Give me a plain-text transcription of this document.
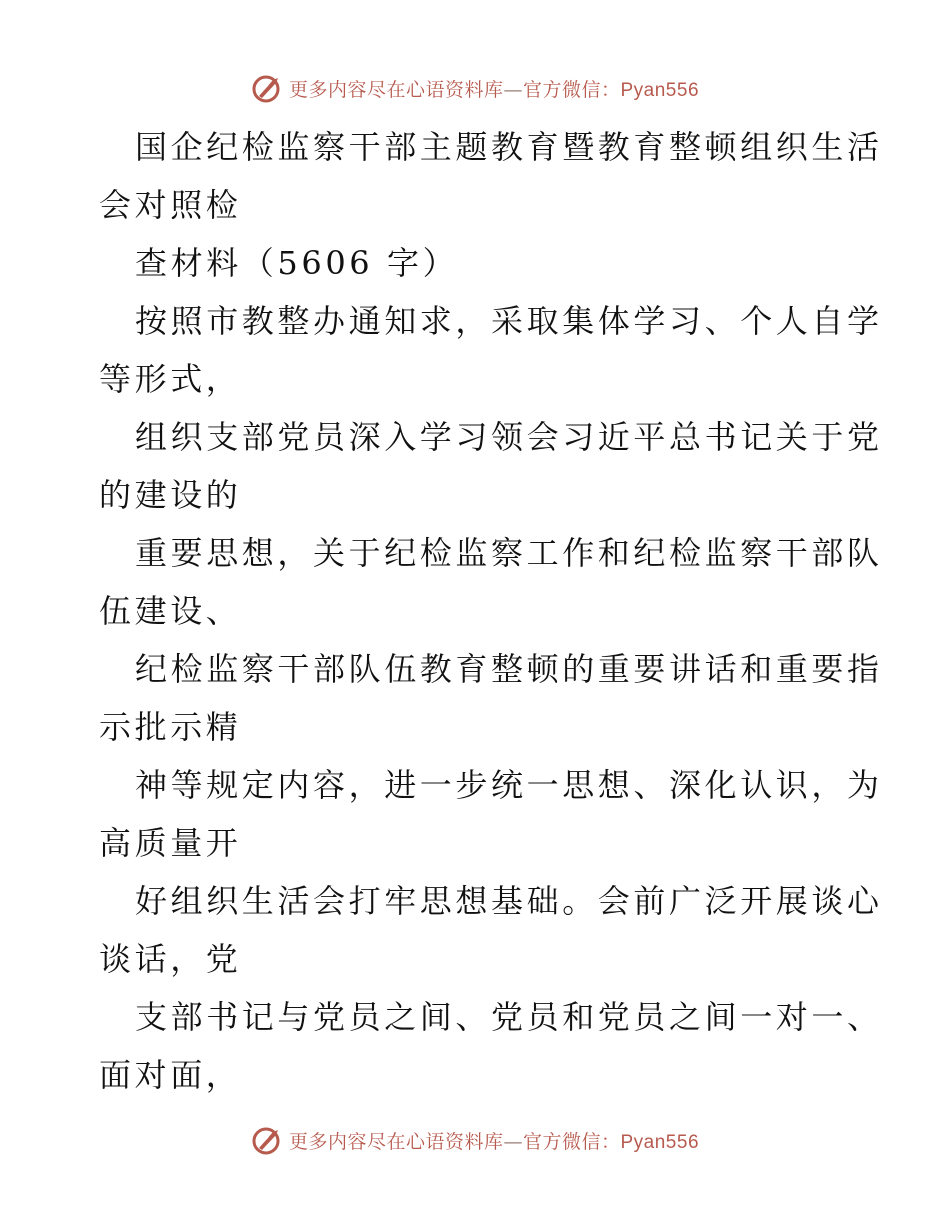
更多内容尽在心语资料库—官方微信：Pyan556
国企纪检监察干部主题教育暨教育整顿组织生活
会对照检
查材料（5606 字）
按照市教整办通知求，采取集体学习、个人自学
等形式，
组织支部党员深入学习领会习近平总书记关于党
的建设的
重要思想，关于纪检监察工作和纪检监察干部队
伍建设、
纪检监察干部队伍教育整顿的重要讲话和重要指
示批示精
神等规定内容，进一步统一思想、深化认识，为
高质量开
好组织生活会打牢思想基础。会前广泛开展谈心
谈话，党
支部书记与党员之间、党员和党员之间一对一、
面对面，
更多内容尽在心语资料库—官方微信：Pyan556
